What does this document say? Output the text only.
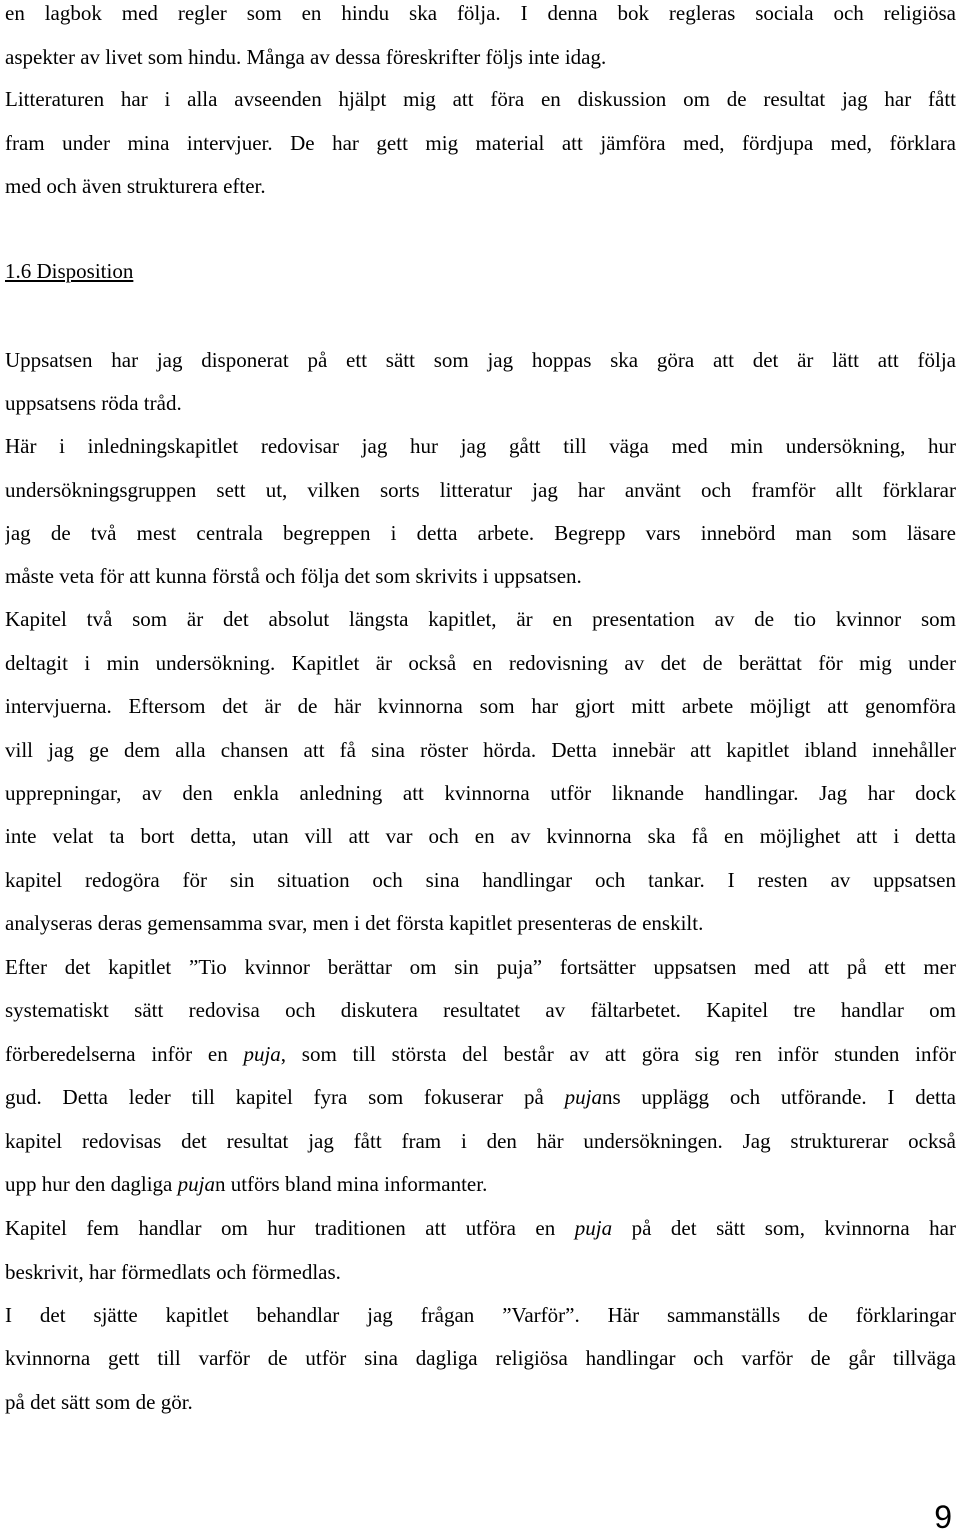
en lagbok med regler som en hindu ska följa. I denna bok regleras sociala och religiösa
aspekter av livet som hindu. Många av dessa föreskrifter följs inte idag.
Litteraturen har i alla avseenden hjälpt mig att föra en diskussion om de resultat jag har fått
fram under mina intervjuer. De har gett mig material att jämföra med, fördjupa med, förklara
med och även strukturera efter.
1.6 Disposition
Uppsatsen har jag disponerat på ett sätt som jag hoppas ska göra att det är lätt att följa
uppsatsens röda tråd.
Här i inledningskapitlet redovisar jag hur jag gått till väga med min undersökning, hur
undersökningsgruppen sett ut, vilken sorts litteratur jag har använt och framför allt förklarar
jag de två mest centrala begreppen i detta arbete. Begrepp vars innebörd man som läsare
måste veta för att kunna förstå och följa det som skrivits i uppsatsen.
Kapitel två som är det absolut längsta kapitlet, är en presentation av de tio kvinnor som
deltagit i min undersökning. Kapitlet är också en redovisning av det de berättat för mig under
intervjuerna. Eftersom det är de här kvinnorna som har gjort mitt arbete möjligt att genomföra
vill jag ge dem alla chansen att få sina röster hörda. Detta innebär att kapitlet ibland innehåller
upprepningar, av den enkla anledning att kvinnorna utför liknande handlingar. Jag har dock
inte velat ta bort detta, utan vill att var och en av kvinnorna ska få en möjlighet att i detta
kapitel redogöra för sin situation och sina handlingar och tankar. I resten av uppsatsen
analyseras deras gemensamma svar, men i det första kapitlet presenteras de enskilt.
Efter det kapitlet ”Tio kvinnor berättar om sin puja” fortsätter uppsatsen med att på ett mer
systematiskt sätt redovisa och diskutera resultatet av fältarbetet. Kapitel tre handlar om
förberedelserna inför en puja, som till största del består av att göra sig ren inför stunden inför
gud. Detta leder till kapitel fyra som fokuserar på pujans upplägg och utförande. I detta
kapitel redovisas det resultat jag fått fram i den här undersökningen. Jag strukturerar också
upp hur den dagliga pujan utförs bland mina informanter.
Kapitel fem handlar om hur traditionen att utföra en puja på det sätt som, kvinnorna har
beskrivit, har förmedlats och förmedlas.
I det sjätte kapitlet behandlar jag frågan ”Varför”. Här sammanställs de förklaringar
kvinnorna gett till varför de utför sina dagliga religiösa handlingar och varför de går tillväga
på det sätt som de gör.
9
